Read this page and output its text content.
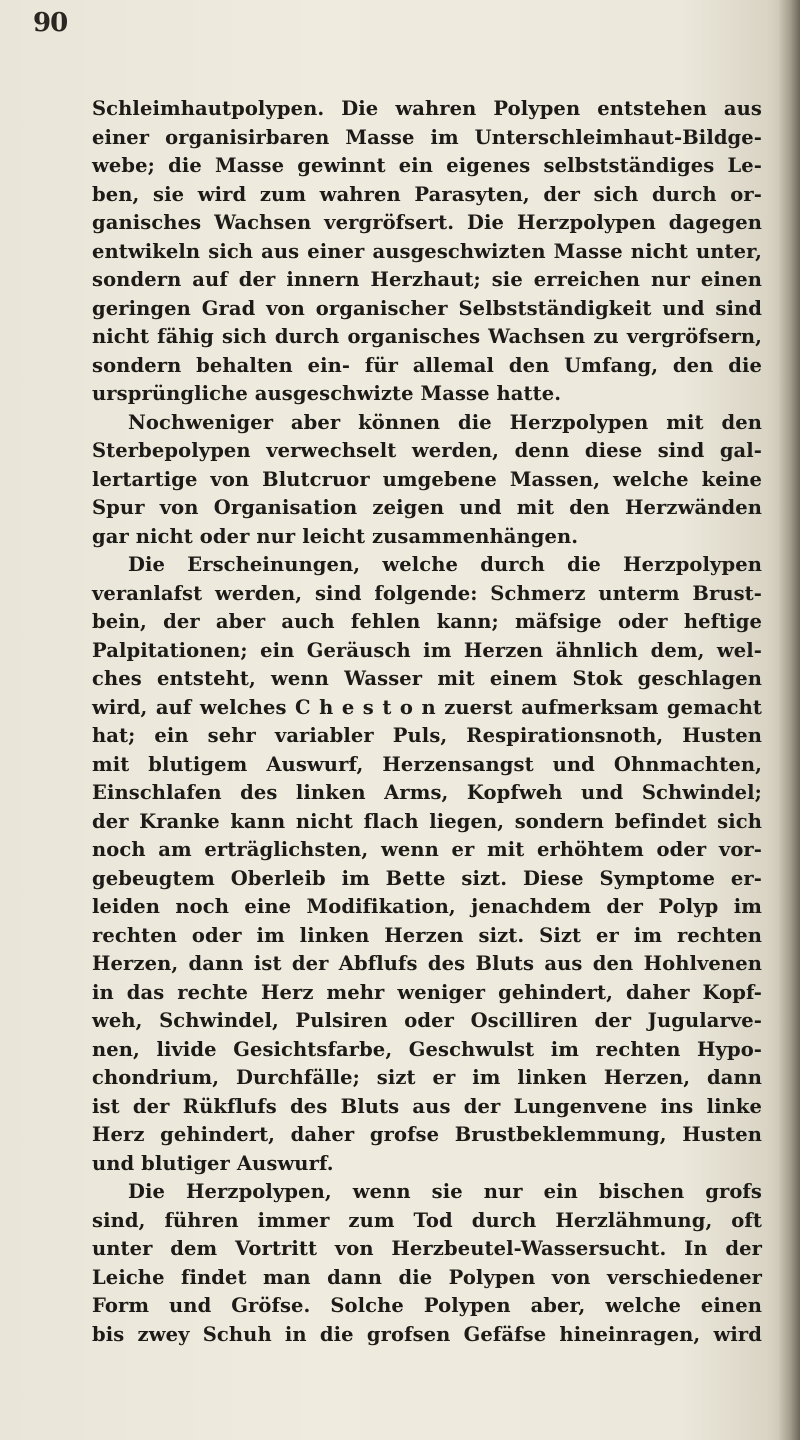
90
Schleimhautpolypen. Die wahren Polypen entstehen aus
einer organisirbaren Masse im Unterschleimhaut-Bildge-
webe; die Masse gewinnt ein eigenes selbstständiges Le-
ben, sie wird zum wahren Parasyten, der sich durch or-
ganisches Wachsen vergröfsert. Die Herzpolypen dagegen
entwikeln sich aus einer ausgeschwizten Masse nicht unter,
sondern auf der innern Herzhaut; sie erreichen nur einen
geringen Grad von organischer Selbstständigkeit und sind
nicht fähig sich durch organisches Wachsen zu vergröfsern,
sondern behalten ein- für allemal den Umfang, den die
ursprüngliche ausgeschwizte Masse hatte.
Nochweniger aber können die Herzpolypen mit den
Sterbepolypen verwechselt werden, denn diese sind gal-
lertartige von Blutcruor umgebene Massen, welche keine
Spur von Organisation zeigen und mit den Herzwänden
gar nicht oder nur leicht zusammenhängen.
Die Erscheinungen, welche durch die Herzpolypen
veranlafst werden, sind folgende: Schmerz unterm Brust-
bein, der aber auch fehlen kann; mäfsige oder heftige
Palpitationen; ein Geräusch im Herzen ähnlich dem, wel-
ches entsteht, wenn Wasser mit einem Stok geschlagen
wird, auf welches C h e s t o n zuerst aufmerksam gemacht
hat; ein sehr variabler Puls, Respirationsnoth, Husten
mit blutigem Auswurf, Herzensangst und Ohnmachten,
Einschlafen des linken Arms, Kopfweh und Schwindel;
der Kranke kann nicht flach liegen, sondern befindet sich
noch am erträglichsten, wenn er mit erhöhtem oder vor-
gebeugtem Oberleib im Bette sizt. Diese Symptome er-
leiden noch eine Modifikation, jenachdem der Polyp im
rechten oder im linken Herzen sizt. Sizt er im rechten
Herzen, dann ist der Abflufs des Bluts aus den Hohlvenen
in das rechte Herz mehr weniger gehindert, daher Kopf-
weh, Schwindel, Pulsiren oder Oscilliren der Jugularve-
nen, livide Gesichtsfarbe, Geschwulst im rechten Hypo-
chondrium, Durchfälle; sizt er im linken Herzen, dann
ist der Rükflufs des Bluts aus der Lungenvene ins linke
Herz gehindert, daher grofse Brustbeklemmung, Husten
und blutiger Auswurf.
Die Herzpolypen, wenn sie nur ein bischen grofs
sind, führen immer zum Tod durch Herzlähmung, oft
unter dem Vortritt von Herzbeutel-Wassersucht. In der
Leiche findet man dann die Polypen von verschiedener
Form und Gröfse. Solche Polypen aber, welche einen
bis zwey Schuh in die grofsen Gefäfse hineinragen, wird
